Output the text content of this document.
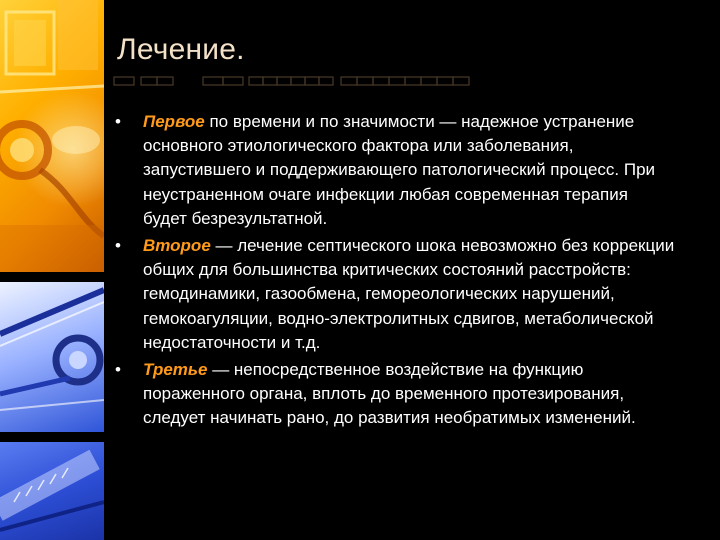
Лечение.
• Первое по времени и по значимости — надежное устранение основного этиологического фактора или заболевания, запустившего и поддерживающего патологический процесс. При неустраненном очаге инфекции любая современная терапия будет безрезультатной.
• Второе — лечение септического шока невозможно без коррекции общих для большинства критических состояний расстройств: гемодинамики, газообмена, гемореологических нарушений, гемокоагуляции, водно-электролитных сдвигов, метаболической недостаточности и т.д.
• Третье — непосредственное воздействие на функцию пораженного органа, вплоть до временного протезирования, следует начинать рано, до развития необратимых изменений.
